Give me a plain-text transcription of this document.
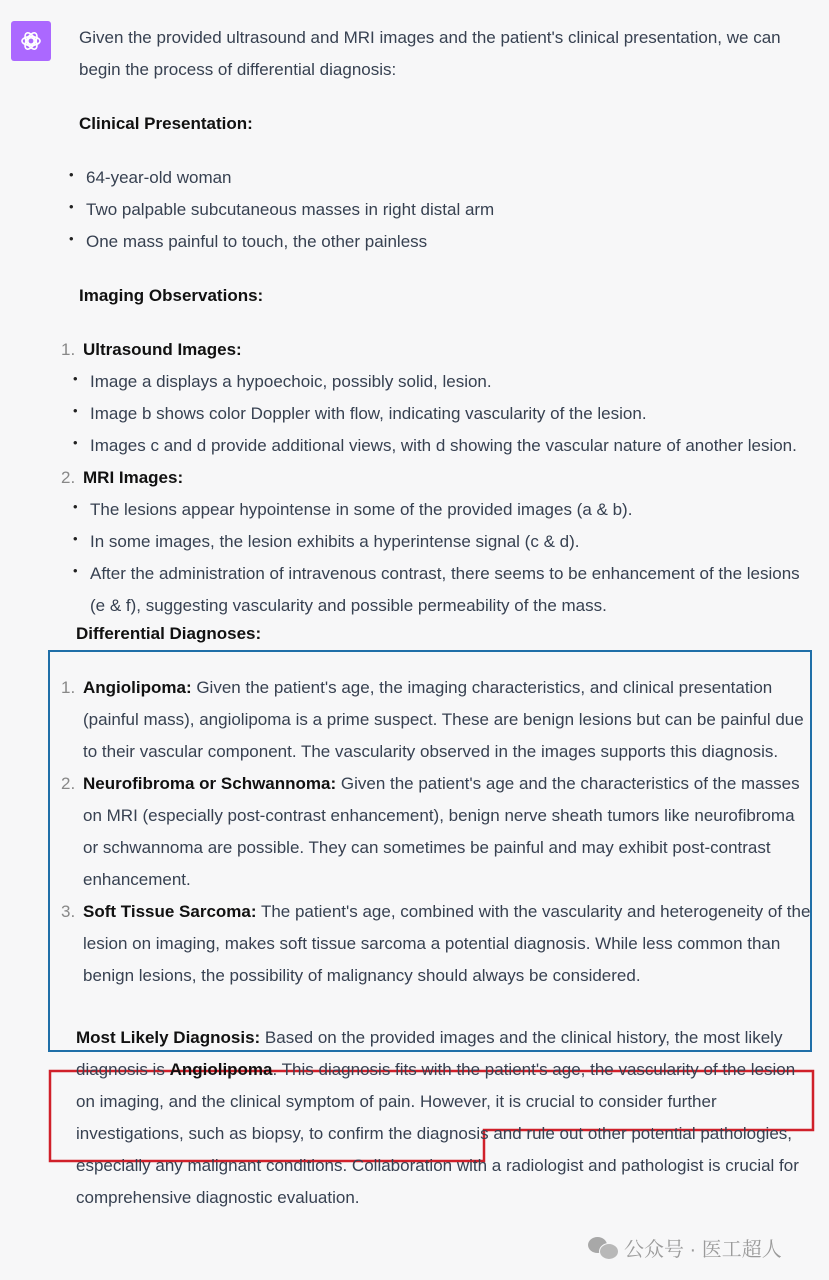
Given the provided ultrasound and MRI images and the patient's clinical presentation, we can begin the process of differential diagnosis:

Clinical Presentation:

• 64-year-old woman
• Two palpable subcutaneous masses in right distal arm
• One mass painful to touch, the other painless

Imaging Observations:

1. Ultrasound Images:
• Image a displays a hypoechoic, possibly solid, lesion.
• Image b shows color Doppler with flow, indicating vascularity of the lesion.
• Images c and d provide additional views, with d showing the vascular nature of another lesion.
2. MRI Images:
• The lesions appear hypointense in some of the provided images (a & b).
• In some images, the lesion exhibits a hyperintense signal (c & d).
• After the administration of intravenous contrast, there seems to be enhancement of the lesions (e & f), suggesting vascularity and possible permeability of the mass.

Differential Diagnoses:

1. Angiolipoma: Given the patient's age, the imaging characteristics, and clinical presentation (painful mass), angiolipoma is a prime suspect. These are benign lesions but can be painful due to their vascular component. The vascularity observed in the images supports this diagnosis.
2. Neurofibroma or Schwannoma: Given the patient's age and the characteristics of the masses on MRI (especially post-contrast enhancement), benign nerve sheath tumors like neurofibroma or schwannoma are possible. They can sometimes be painful and may exhibit post-contrast enhancement.
3. Soft Tissue Sarcoma: The patient's age, combined with the vascularity and heterogeneity of the lesion on imaging, makes soft tissue sarcoma a potential diagnosis. While less common than benign lesions, the possibility of malignancy should always be considered.

Most Likely Diagnosis: Based on the provided images and the clinical history, the most likely diagnosis is Angiolipoma. This diagnosis fits with the patient's age, the vascularity of the lesion on imaging, and the clinical symptom of pain. However, it is crucial to consider further investigations, such as biopsy, to confirm the diagnosis and rule out other potential pathologies, especially any malignant conditions. Collaboration with a radiologist and pathologist is crucial for comprehensive diagnostic evaluation.

公众号 · 医工超人
